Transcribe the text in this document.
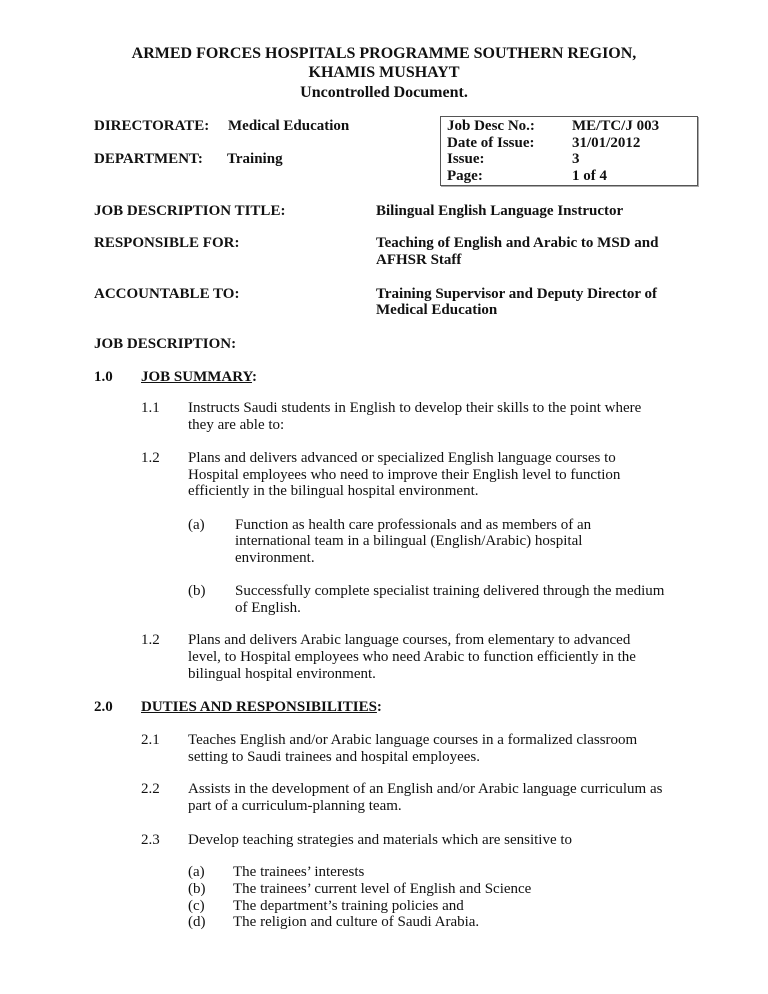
ARMED FORCES HOSPITALS PROGRAMME SOUTHERN REGION,
KHAMIS MUSHAYT
Uncontrolled Document.
DIRECTORATE: Medical Education
DEPARTMENT: Training
Job Desc No.: ME/TC/J 003
Date of Issue:	31/01/2012
Issue:	3
Page:	1 of 4
JOB DESCRIPTION TITLE:	Bilingual English Language Instructor
RESPONSIBLE FOR:	Teaching of English and Arabic to MSD and
AFHSR Staff
ACCOUNTABLE TO:	Training Supervisor and Deputy Director of
Medical Education
JOB DESCRIPTION:
1.0 JOB SUMMARY:
1.1 Instructs Saudi students in English to develop their skills to the point where
they are able to:
1.2 Plans and delivers advanced or specialized English language courses to
Hospital employees who need to improve their English level to function
efficiently in the bilingual hospital environment.
(a) Function as health care professionals and as members of an
international team in a bilingual (English/Arabic) hospital
environment.
(b) Successfully complete specialist training delivered through the medium
of English.
1.2 Plans and delivers Arabic language courses, from elementary to advanced
level, to Hospital employees who need Arabic to function efficiently in the
bilingual hospital environment.
2.0 DUTIES AND RESPONSIBILITIES:
2.1 Teaches English and/or Arabic language courses in a formalized classroom
setting to Saudi trainees and hospital employees.
2.2 Assists in the development of an English and/or Arabic language curriculum as
part of a curriculum-planning team.
2.3 Develop teaching strategies and materials which are sensitive to
(a) The trainees’ interests
(b) The trainees’ current level of English and Science
(c) The department’s training policies and
(d) The religion and culture of Saudi Arabia.
